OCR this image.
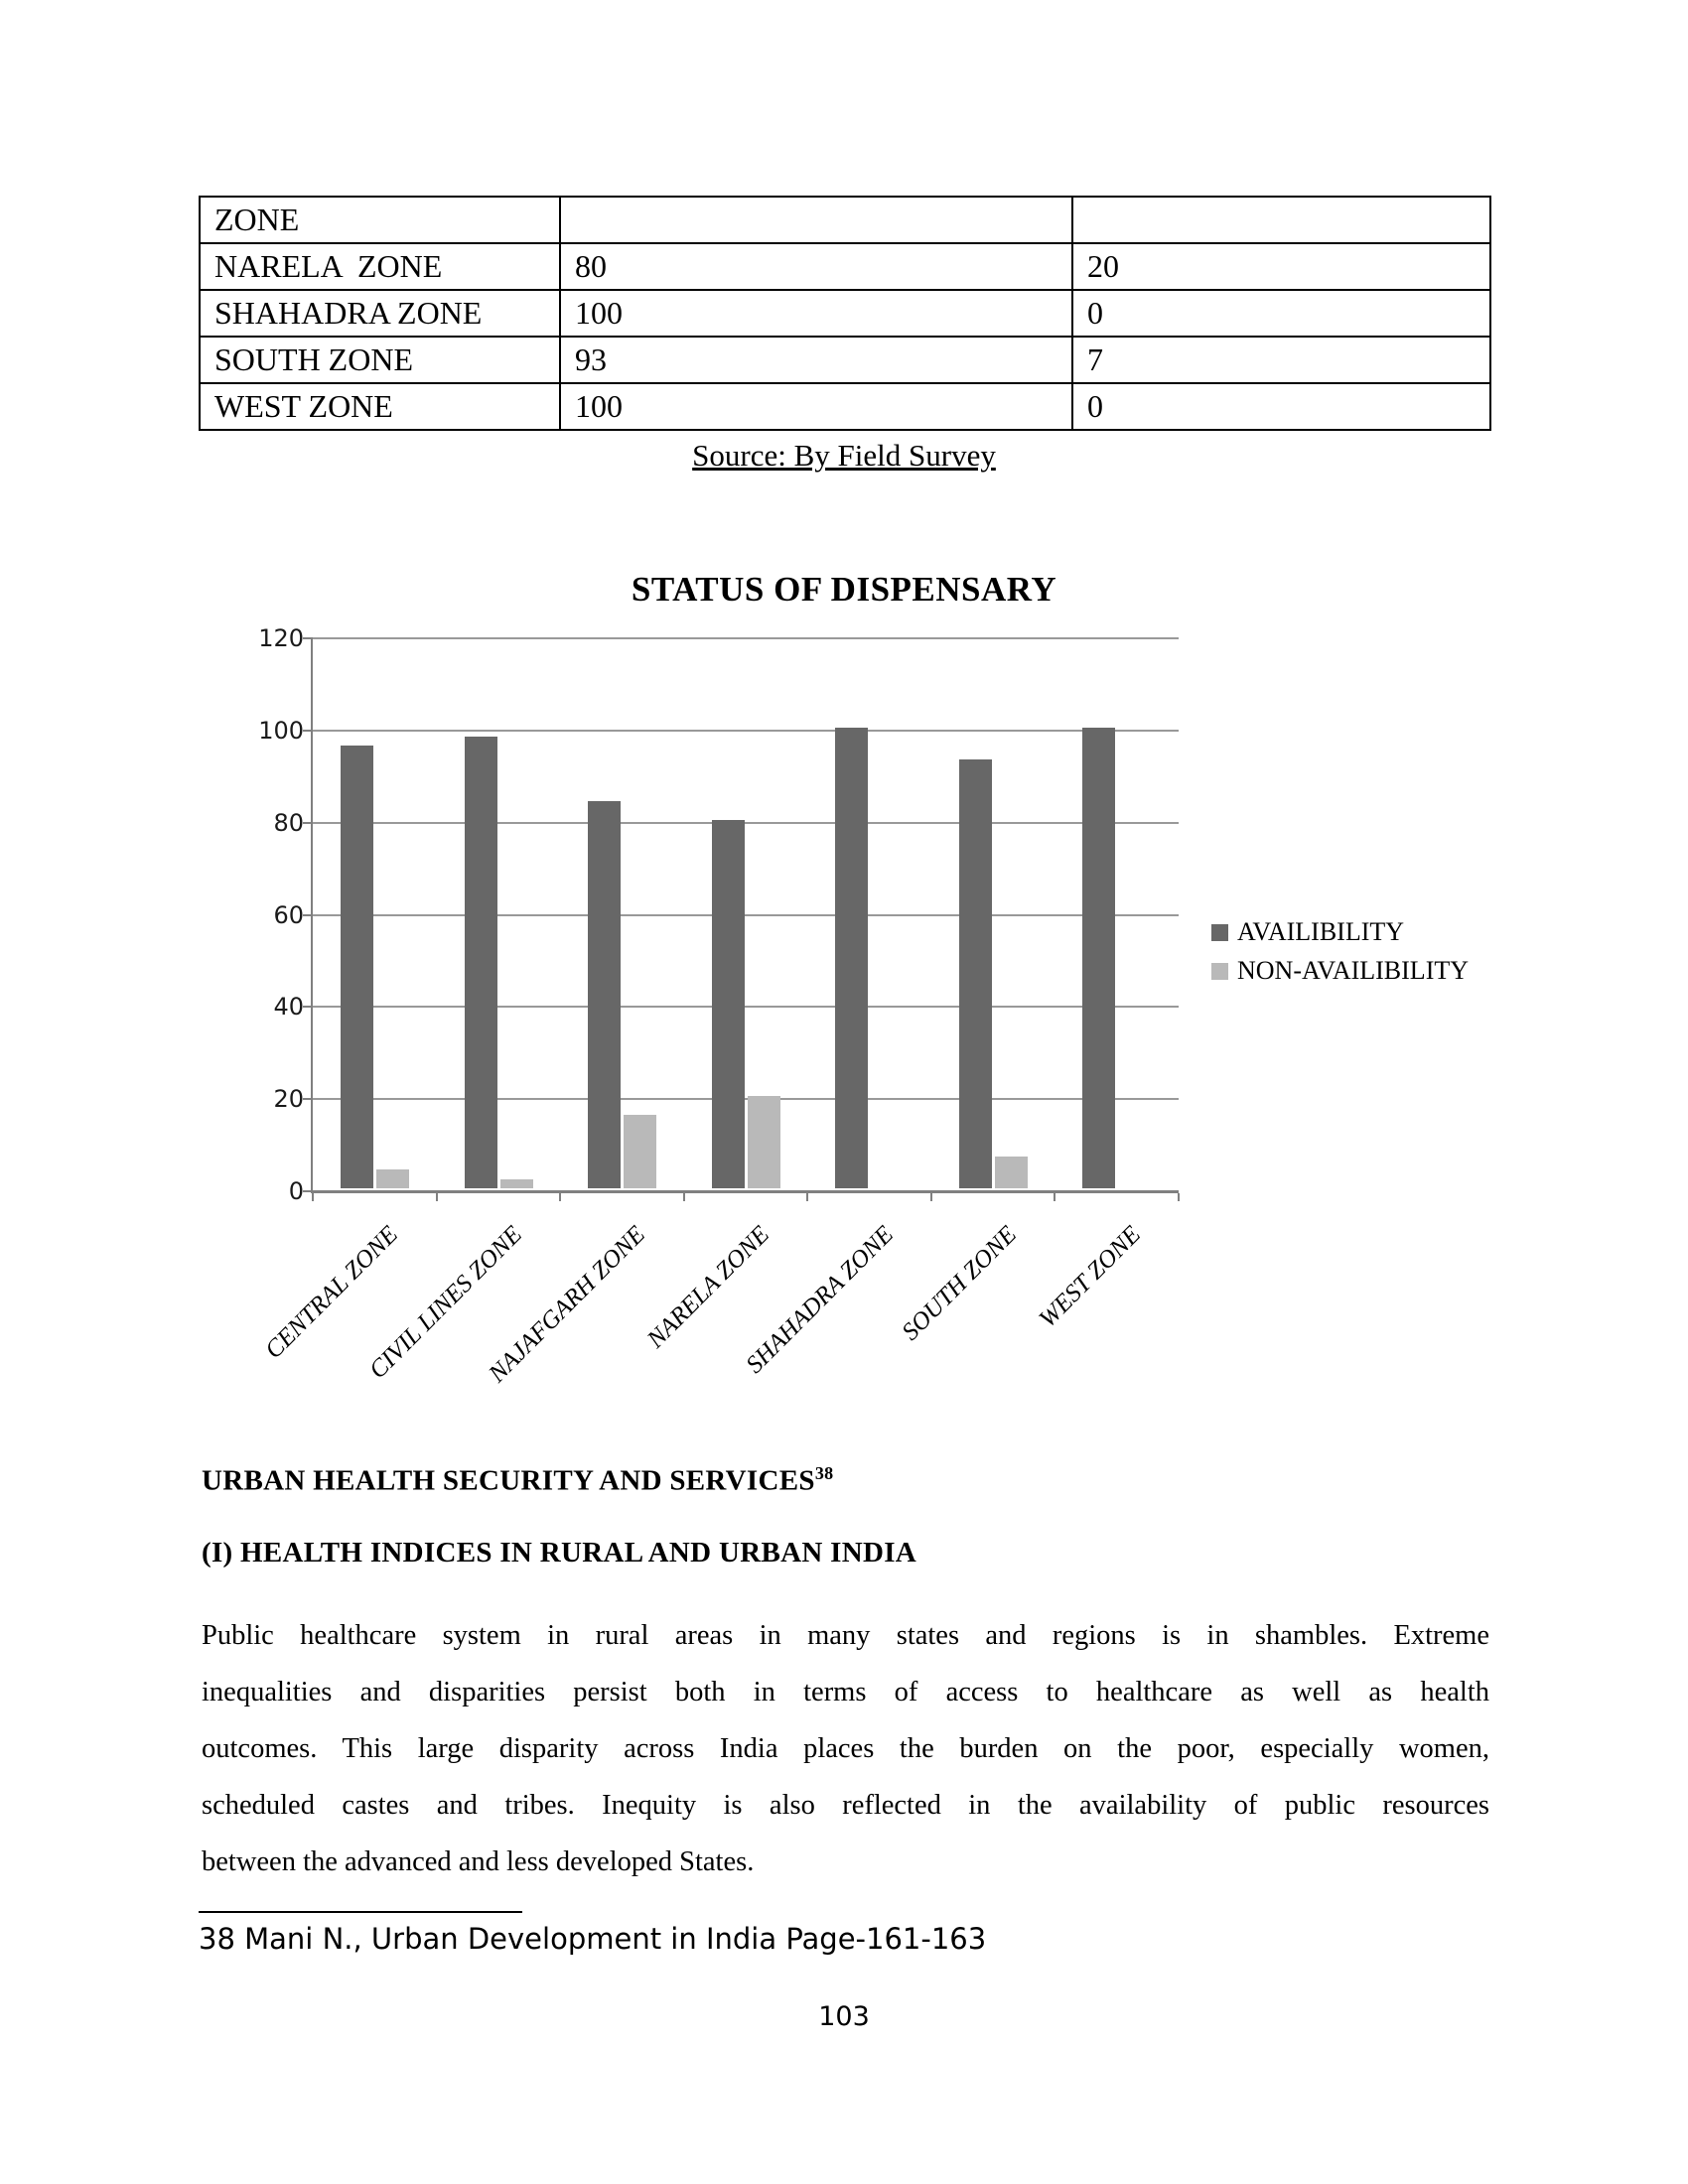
ZONE		
NARELA  ZONE	80	20
SHAHADRA ZONE	100	0
SOUTH ZONE	93	7
WEST ZONE	100	0
Source: By Field Survey
STATUS OF DISPENSARY
0
20
40
60
80
100
120
CENTRAL ZONE
CIVIL LINES ZONE
NAJAFGARH ZONE
NARELA ZONE
SHAHADRA ZONE
SOUTH ZONE WEST ZONE
AVAILIBILITY
NON-AVAILIBILITY
URBAN HEALTH SECURITY AND SERVICES$^{38}$
(I) HEALTH INDICES IN RURAL AND URBAN INDIA
Public healthcare system in rural areas in many states and regions is in shambles. Extreme
inequalities and disparities persist both in terms of access to healthcare as well as health
outcomes. This large disparity across India places the burden on the poor, especially women,
scheduled castes and tribes. Inequity is also reflected in the availability of public resources
between the advanced and less developed States.
38 Mani N., Urban Development in India Page-161-163
103
